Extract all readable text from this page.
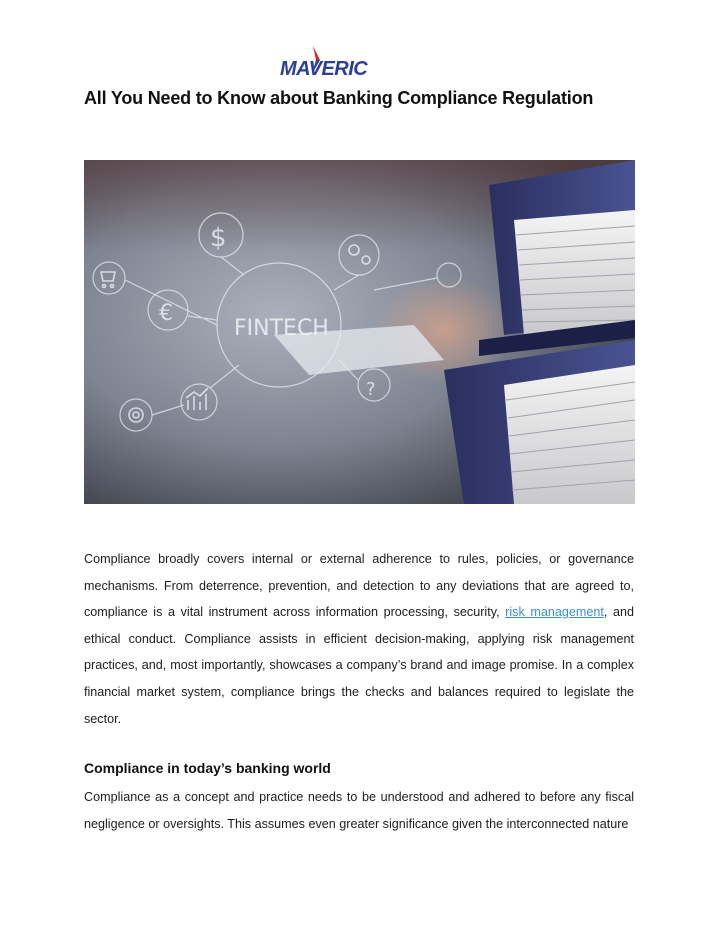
MAVERIC
All You Need to Know about Banking Compliance Regulation
FINTECH
$
€
?

Compliance broadly covers internal or external adherence to rules, policies, or governance mechanisms. From deterrence, prevention, and detection to any deviations that are agreed to, compliance is a vital instrument across information processing, security, risk management, and ethical conduct. Compliance assists in efficient decision-making, applying risk management practices, and, most importantly, showcases a company’s brand and image promise. In a complex financial market system, compliance brings the checks and balances required to legislate the sector.

Compliance in today’s banking world

Compliance as a concept and practice needs to be understood and adhered to before any fiscal negligence or oversights. This assumes even greater significance given the interconnected nature
